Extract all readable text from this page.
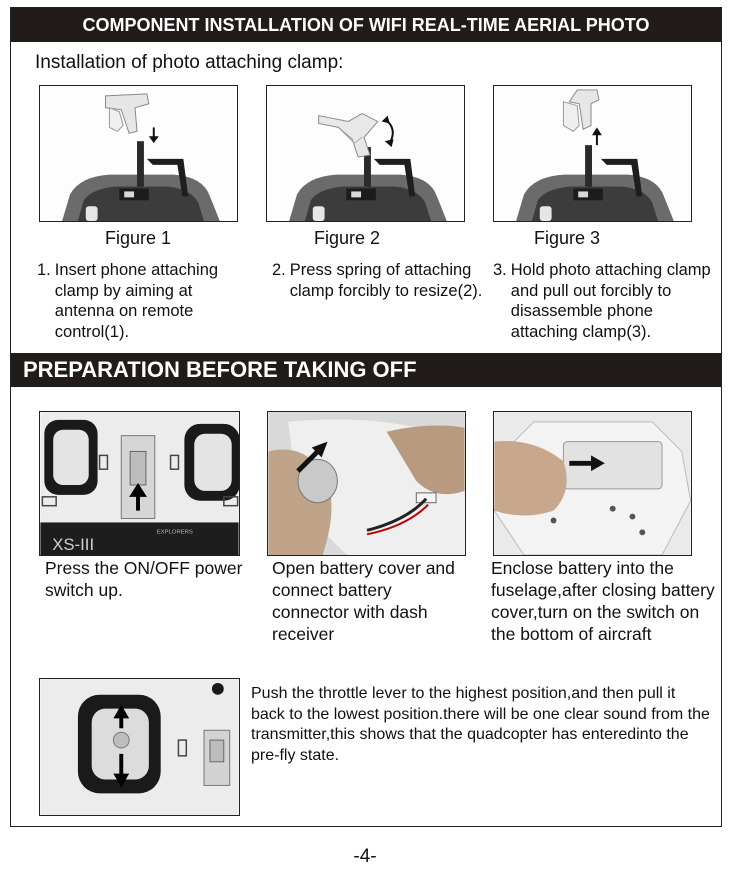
COMPONENT INSTALLATION OF WIFI REAL-TIME AERIAL PHOTO
Installation of photo attaching clamp:
Figure 1	Figure 2	Figure 3
1. Insert phone attaching clamp by aiming at antenna on remote control(1).
2. Press spring of attaching clamp forcibly to resize(2).
3. Hold photo attaching clamp and pull out forcibly to disassemble phone attaching clamp(3).
PREPARATION BEFORE TAKING OFF
XS-III
EXPLORERS
Press the ON/OFF power switch up.
Open battery cover and connect battery connector with dash receiver
Enclose battery into the fuselage,after closing battery cover,turn on the switch on the bottom of aircraft
Push the throttle lever to the highest position,and then pull it back to the lowest position.there will be one clear sound from the transmitter,this shows that the quadcopter has enteredinto the pre-fly state.
-4-
